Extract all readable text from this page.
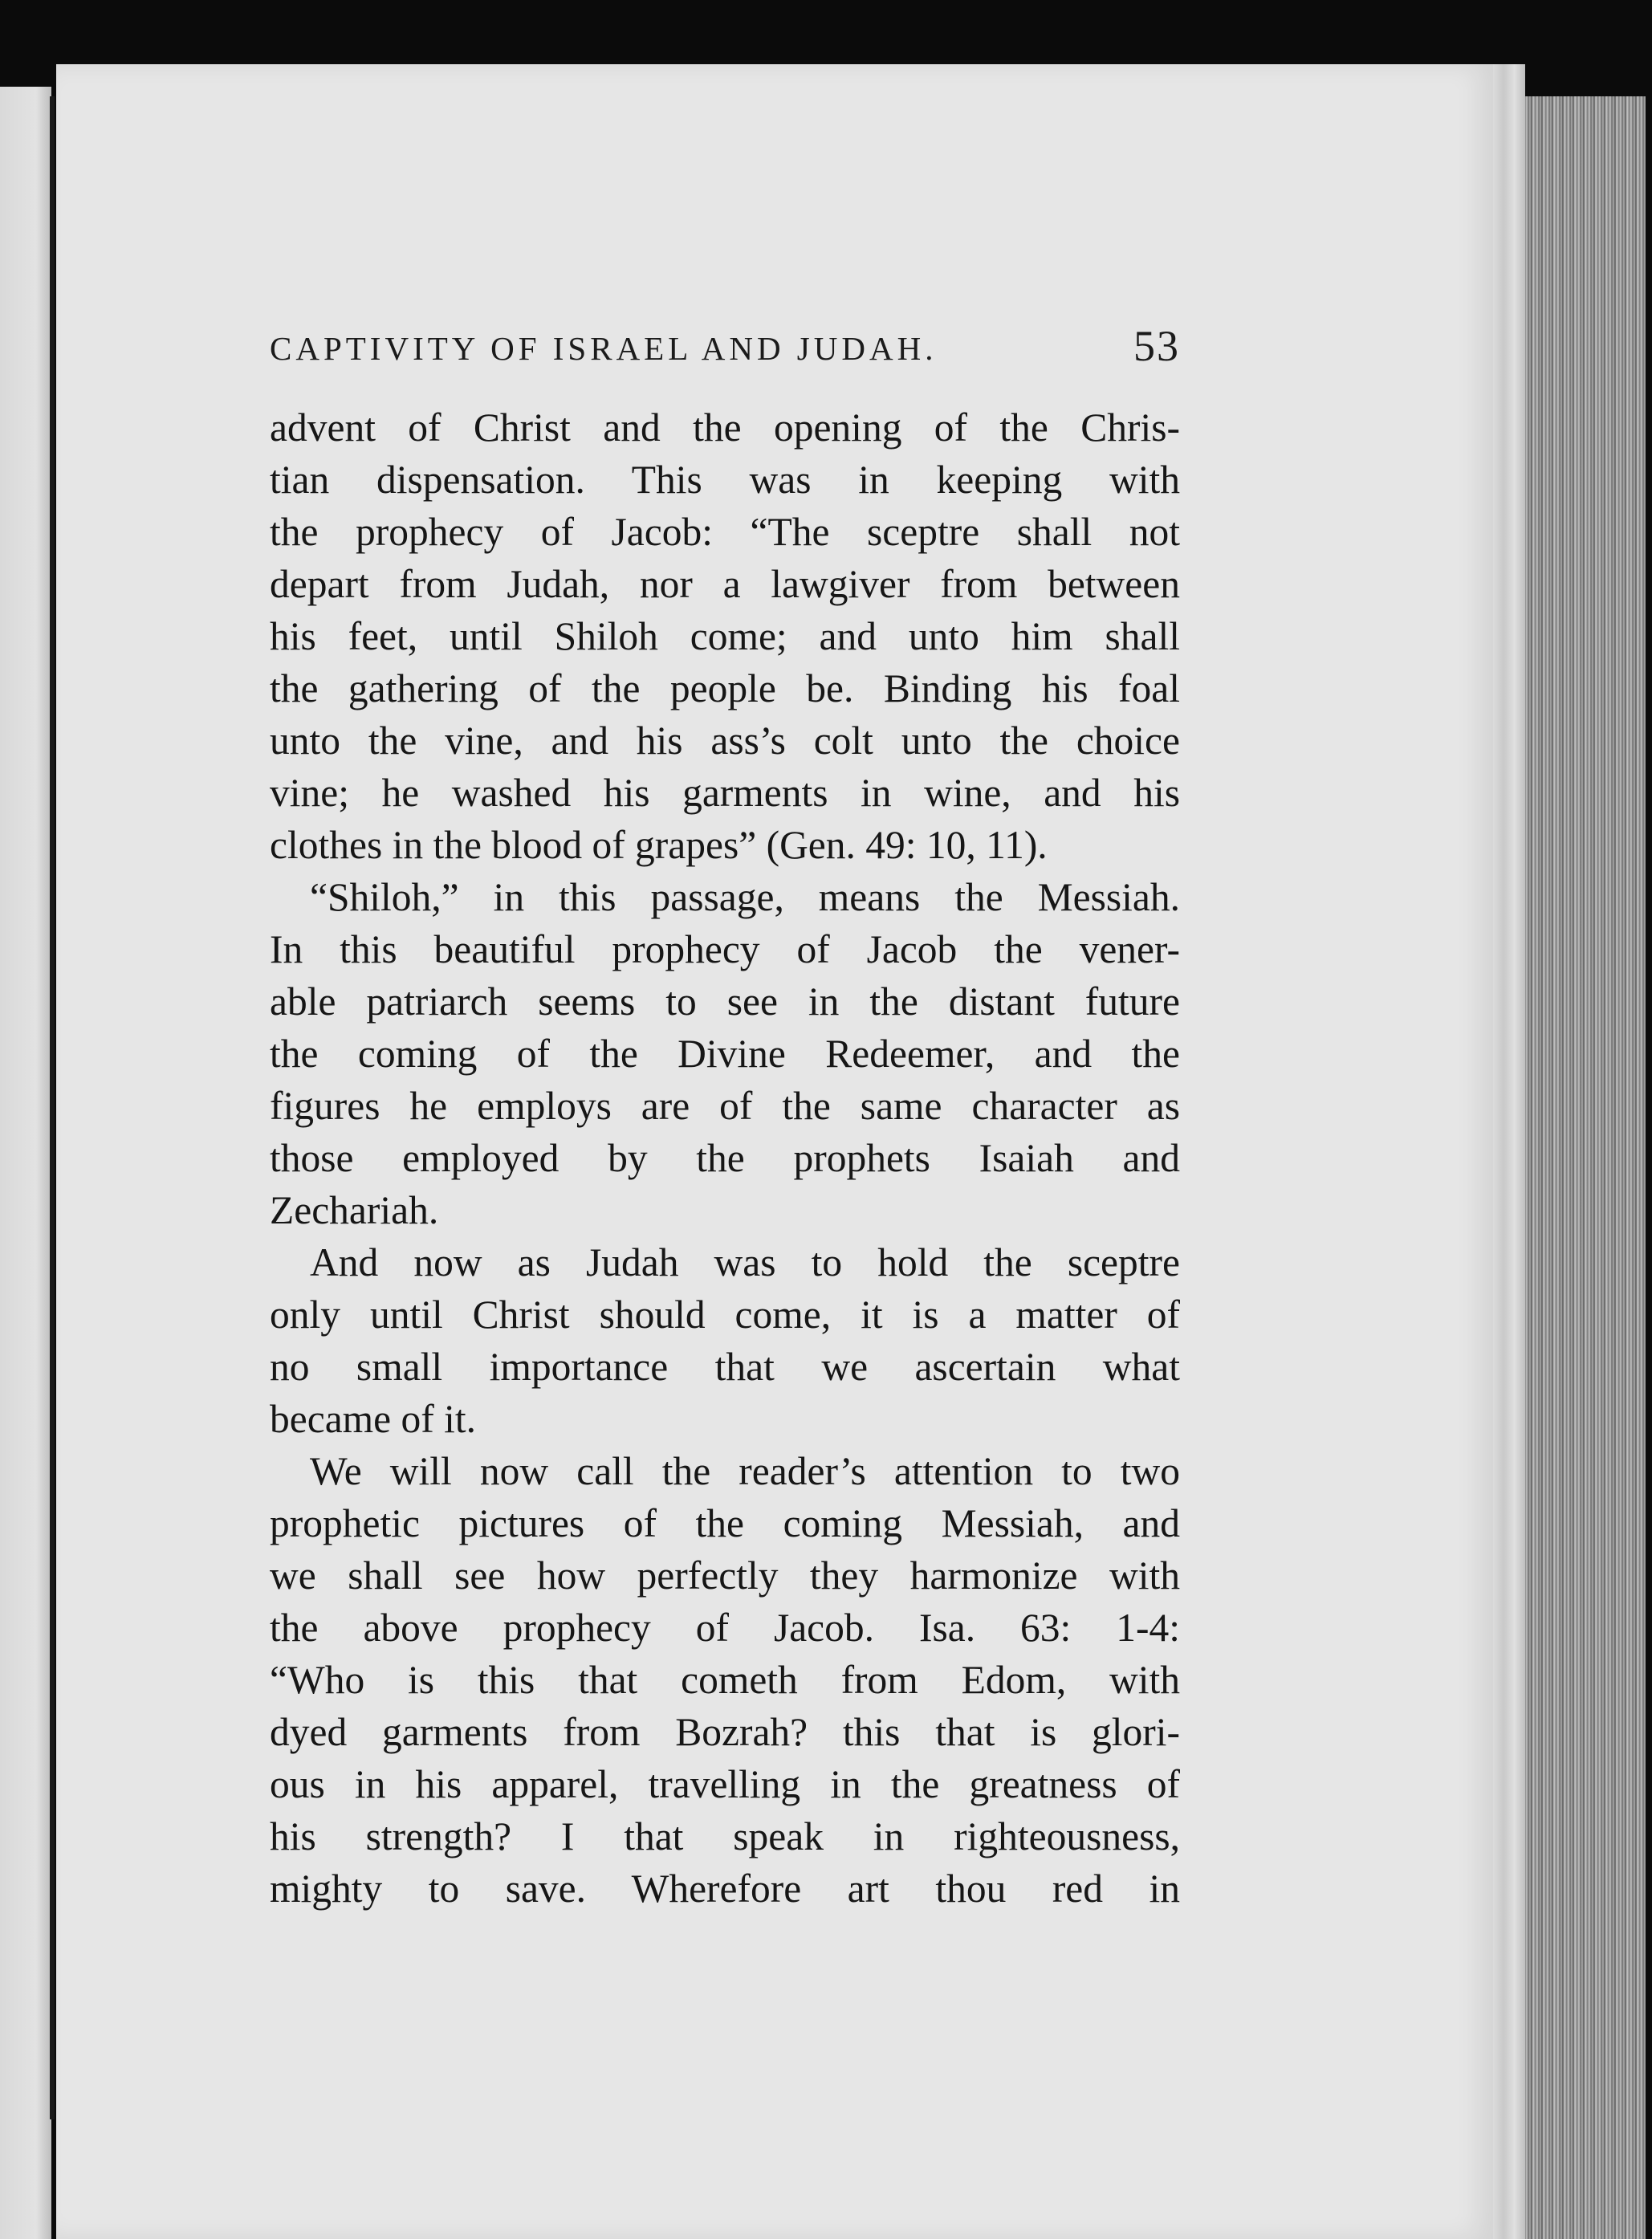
CAPTIVITY OF ISRAEL AND JUDAH.	53
advent of Christ and the opening of the Chris-
tian dispensation. This was in keeping with
the prophecy of Jacob: “The sceptre shall not
depart from Judah, nor a lawgiver from between
his feet, until Shiloh come; and unto him shall
the gathering of the people be. Binding his foal
unto the vine, and his ass’s colt unto the choice
vine; he washed his garments in wine, and his
clothes in the blood of grapes” (Gen. 49: 10, 11).
“Shiloh,” in this passage, means the Messiah.
In this beautiful prophecy of Jacob the vener-
able patriarch seems to see in the distant future
the coming of the Divine Redeemer, and the
figures he employs are of the same character as
those employed by the prophets Isaiah and
Zechariah.
And now as Judah was to hold the sceptre
only until Christ should come, it is a matter of
no small importance that we ascertain what
became of it.
We will now call the reader’s attention to two
prophetic pictures of the coming Messiah, and
we shall see how perfectly they harmonize with
the above prophecy of Jacob. Isa. 63: 1-4:
“Who is this that cometh from Edom, with
dyed garments from Bozrah? this that is glori-
ous in his apparel, travelling in the greatness of
his strength? I that speak in righteousness,
mighty to save. Wherefore art thou red in
